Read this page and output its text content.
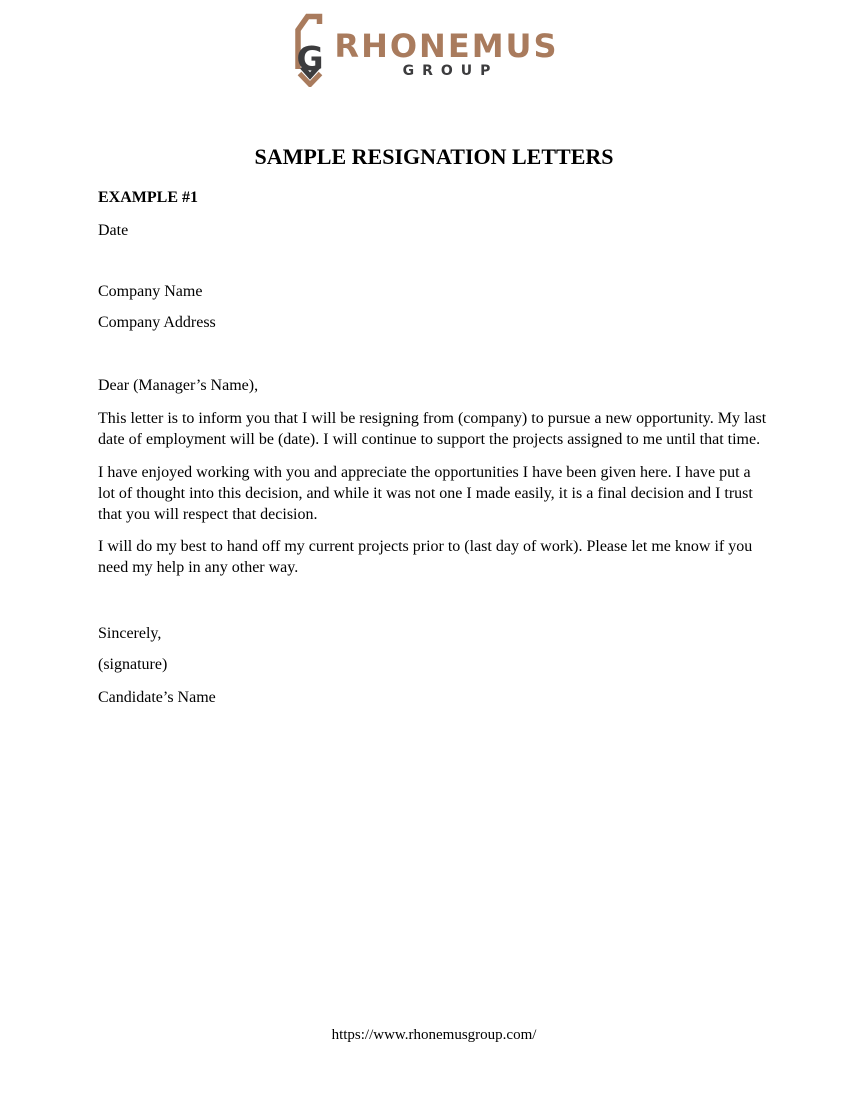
G RHONEMUS
GROUP
SAMPLE RESIGNATION LETTERS
EXAMPLE #1

Date

Company Name

Company Address

Dear (Manager’s Name),

This letter is to inform you that I will be resigning from (company) to pursue a new opportunity. My last date of employment will be (date). I will continue to support the projects assigned to me until that time.

I have enjoyed working with you and appreciate the opportunities I have been given here. I have put a lot of thought into this decision, and while it was not one I made easily, it is a final decision and I trust that you will respect that decision.

I will do my best to hand off my current projects prior to (last day of work). Please let me know if you need my help in any other way.

Sincerely,

(signature)

Candidate’s Name

https://www.rhonemusgroup.com/
